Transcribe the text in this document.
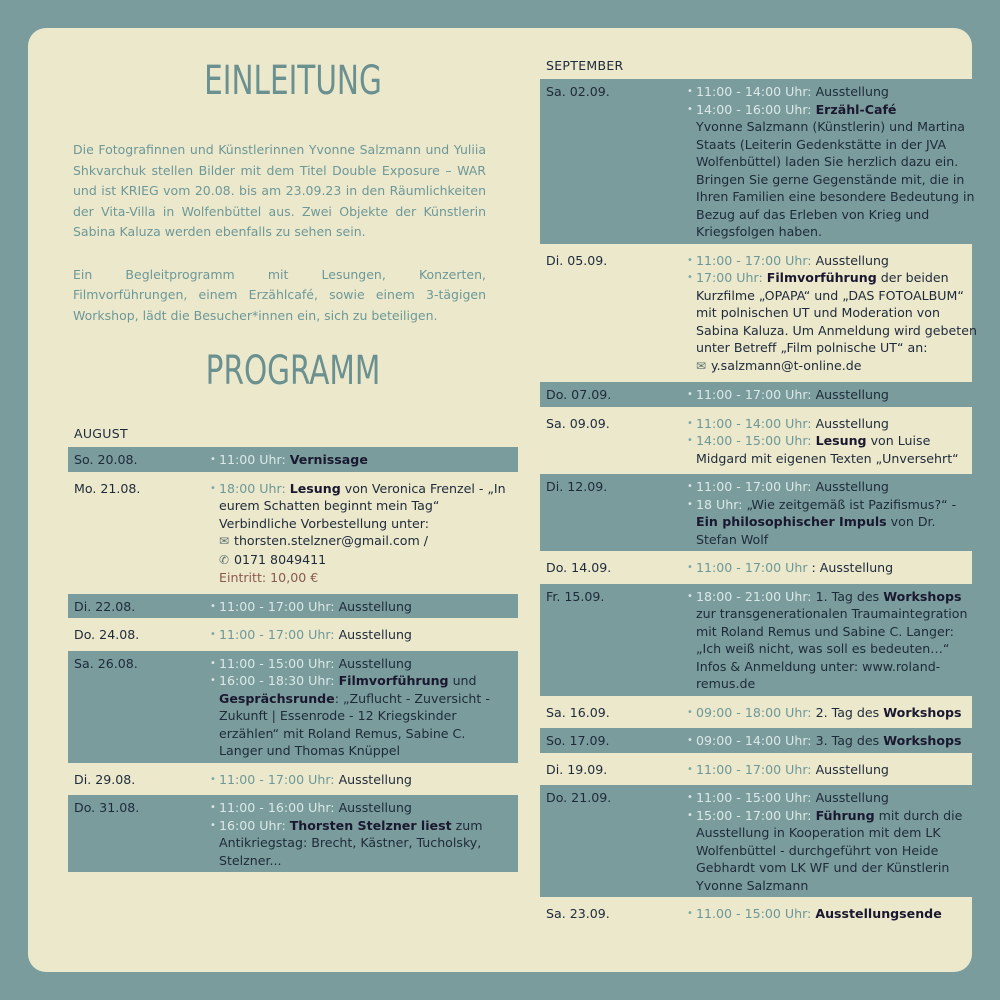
EINLEITUNG

Die Fotografinnen und Künstlerinnen Yvonne Salzmann und Yuliia Shkvarchuk stellen Bilder mit dem Titel Double Exposure – WAR und ist KRIEG vom 20.08. bis am 23.09.23 in den Räumlichkeiten der Vita-Villa in Wolfenbüttel aus. Zwei Objekte der Künstlerin Sabina Kaluza werden ebenfalls zu sehen sein.

Ein Begleitprogramm mit Lesungen, Konzerten, Filmvorführungen, einem Erzählcafé, sowie einem 3-tägigen Workshop, lädt die Besucher*innen ein, sich zu beteiligen.

PROGRAMM
AUGUST
So. 20.08.	• 11:00 Uhr: Vernissage
Mo. 21.08.	• 18:00 Uhr: Lesung von Veronica Frenzel - „In eurem Schatten beginnt mein Tag“ Verbindliche Vorbestellung unter:
✉ thorsten.stelzner@gmail.com /
✆ 0171 8049411
Eintritt: 10,00 €
Di. 22.08.	• 11:00 - 17:00 Uhr: Ausstellung
Do. 24.08.	• 11:00 - 17:00 Uhr: Ausstellung
Sa. 26.08.	• 11:00 - 15:00 Uhr: Ausstellung
• 16:00 - 18:30 Uhr: Filmvorführung und Gesprächsrunde: „Zuflucht - Zuversicht - Zukunft | Essenrode - 12 Kriegskinder erzählen“ mit Roland Remus, Sabine C. Langer und Thomas Knüppel
Di. 29.08.	• 11:00 - 17:00 Uhr: Ausstellung
Do. 31.08.	• 11:00 - 16:00 Uhr: Ausstellung
• 16:00 Uhr: Thorsten Stelzner liest zum Antikriegstag: Brecht, Kästner, Tucholsky, Stelzner...
SEPTEMBER
Sa. 02.09.	• 11:00 - 14:00 Uhr: Ausstellung
• 14:00 - 16:00 Uhr: Erzähl-Café
Yvonne Salzmann (Künstlerin) und Martina Staats (Leiterin Gedenkstätte in der JVA Wolfenbüttel) laden Sie herzlich dazu ein. Bringen Sie gerne Gegenstände mit, die in Ihren Familien eine besondere Bedeutung in Bezug auf das Erleben von Krieg und Kriegsfolgen haben.
Di. 05.09.	• 11:00 - 17:00 Uhr: Ausstellung
• 17:00 Uhr: Filmvorführung der beiden Kurzfilme „OPAPA“ und „DAS FOTOALBUM“ mit polnischen UT und Moderation von Sabina Kaluza. Um Anmeldung wird gebeten unter Betreff „Film polnische UT“ an:
✉ y.salzmann@t-online.de
Do. 07.09.	• 11:00 - 17:00 Uhr: Ausstellung
Sa. 09.09.	• 11:00 - 14:00 Uhr: Ausstellung
• 14:00 - 15:00 Uhr: Lesung von Luise Midgard mit eigenen Texten „Unversehrt“
Di. 12.09.	• 11:00 - 17:00 Uhr: Ausstellung
• 18 Uhr: „Wie zeitgemäß ist Pazifismus?“ - Ein philosophischer Impuls von Dr. Stefan Wolf
Do. 14.09.	• 11:00 - 17:00 Uhr : Ausstellung
Fr. 15.09.	• 18:00 - 21:00 Uhr: 1. Tag des Workshops zur transgenerationalen Traumaintegration mit Roland Remus und Sabine C. Langer: „Ich weiß nicht, was soll es bedeuten…“ Infos & Anmeldung unter: www.roland-remus.de
Sa. 16.09.	• 09:00 - 18:00 Uhr: 2. Tag des Workshops
So. 17.09.	• 09:00 - 14:00 Uhr: 3. Tag des Workshops
Di. 19.09.	• 11:00 - 17:00 Uhr: Ausstellung
Do. 21.09.	• 11:00 - 15:00 Uhr: Ausstellung
• 15:00 - 17:00 Uhr: Führung mit durch die Ausstellung in Kooperation mit dem LK Wolfenbüttel - durchgeführt von Heide Gebhardt vom LK WF und der Künstlerin Yvonne Salzmann
Sa. 23.09.	• 11.00 - 15:00 Uhr: Ausstellungsende
